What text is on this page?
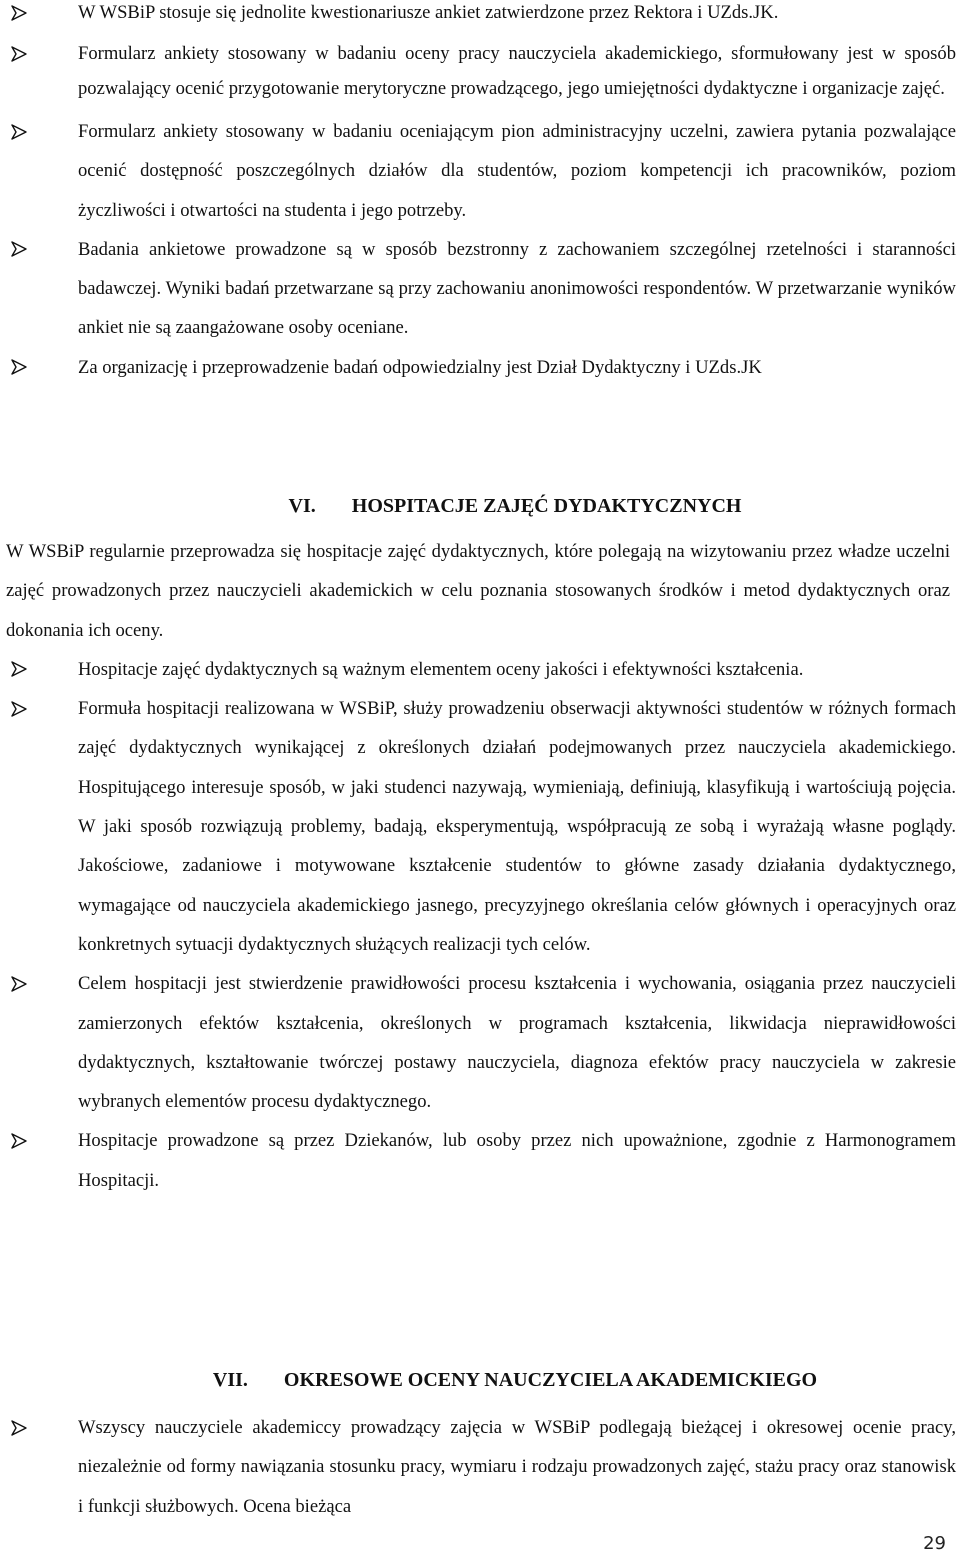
W WSBiP stosuje się jednolite kwestionariusze ankiet zatwierdzone przez Rektora i UZds.JK.
Formularz ankiety stosowany w badaniu oceny pracy nauczyciela akademickiego, sformułowany jest w sposób pozwalający ocenić przygotowanie merytoryczne prowadzącego, jego umiejętności dydaktyczne i organizacje zajęć.
Formularz ankiety stosowany w badaniu oceniającym pion administracyjny uczelni, zawiera pytania pozwalające ocenić dostępność poszczególnych działów dla studentów, poziom kompetencji ich pracowników, poziom życzliwości i otwartości na studenta i jego potrzeby.
Badania ankietowe prowadzone są w sposób bezstronny z zachowaniem szczególnej rzetelności i staranności badawczej. Wyniki badań przetwarzane są przy zachowaniu anonimowości respondentów. W przetwarzanie wyników ankiet nie są zaangażowane osoby oceniane.
Za organizację i przeprowadzenie badań odpowiedzialny jest Dział Dydaktyczny i UZds.JK
VI. HOSPITACJE ZAJĘĆ DYDAKTYCZNYCH

W WSBiP regularnie przeprowadza się hospitacje zajęć dydaktycznych, które polegają na wizytowaniu przez władze uczelni zajęć prowadzonych przez nauczycieli akademickich w celu poznania stosowanych środków i metod dydaktycznych oraz dokonania ich oceny.

Hospitacje zajęć dydaktycznych są ważnym elementem oceny jakości i efektywności kształcenia.
Formuła hospitacji realizowana w WSBiP, służy prowadzeniu obserwacji aktywności studentów w różnych formach zajęć dydaktycznych wynikającej z określonych działań podejmowanych przez nauczyciela akademickiego. Hospitującego interesuje sposób, w jaki studenci nazywają, wymieniają, definiują, klasyfikują i wartościują pojęcia. W jaki sposób rozwiązują problemy, badają, eksperymentują, współpracują ze sobą i wyrażają własne poglądy. Jakościowe, zadaniowe i motywowane kształcenie studentów to główne zasady działania dydaktycznego, wymagające od nauczyciela akademickiego jasnego, precyzyjnego określania celów głównych i operacyjnych oraz konkretnych sytuacji dydaktycznych służących realizacji tych celów.
Celem hospitacji jest stwierdzenie prawidłowości procesu kształcenia i wychowania, osiągania przez nauczycieli zamierzonych efektów kształcenia, określonych w programach kształcenia, likwidacja nieprawidłowości dydaktycznych, kształtowanie twórczej postawy nauczyciela, diagnoza efektów pracy nauczyciela w zakresie wybranych elementów procesu dydaktycznego.
Hospitacje prowadzone są przez Dziekanów, lub osoby przez nich upoważnione, zgodnie z Harmonogramem Hospitacji.
VII. OKRESOWE OCENY NAUCZYCIELA AKADEMICKIEGO
Wszyscy nauczyciele akademiccy prowadzący zajęcia w WSBiP podlegają bieżącej i okresowej ocenie pracy, niezależnie od formy nawiązania stosunku pracy, wymiaru i rodzaju prowadzonych zajęć, stażu pracy oraz stanowisk i funkcji służbowych. Ocena bieżąca
29
